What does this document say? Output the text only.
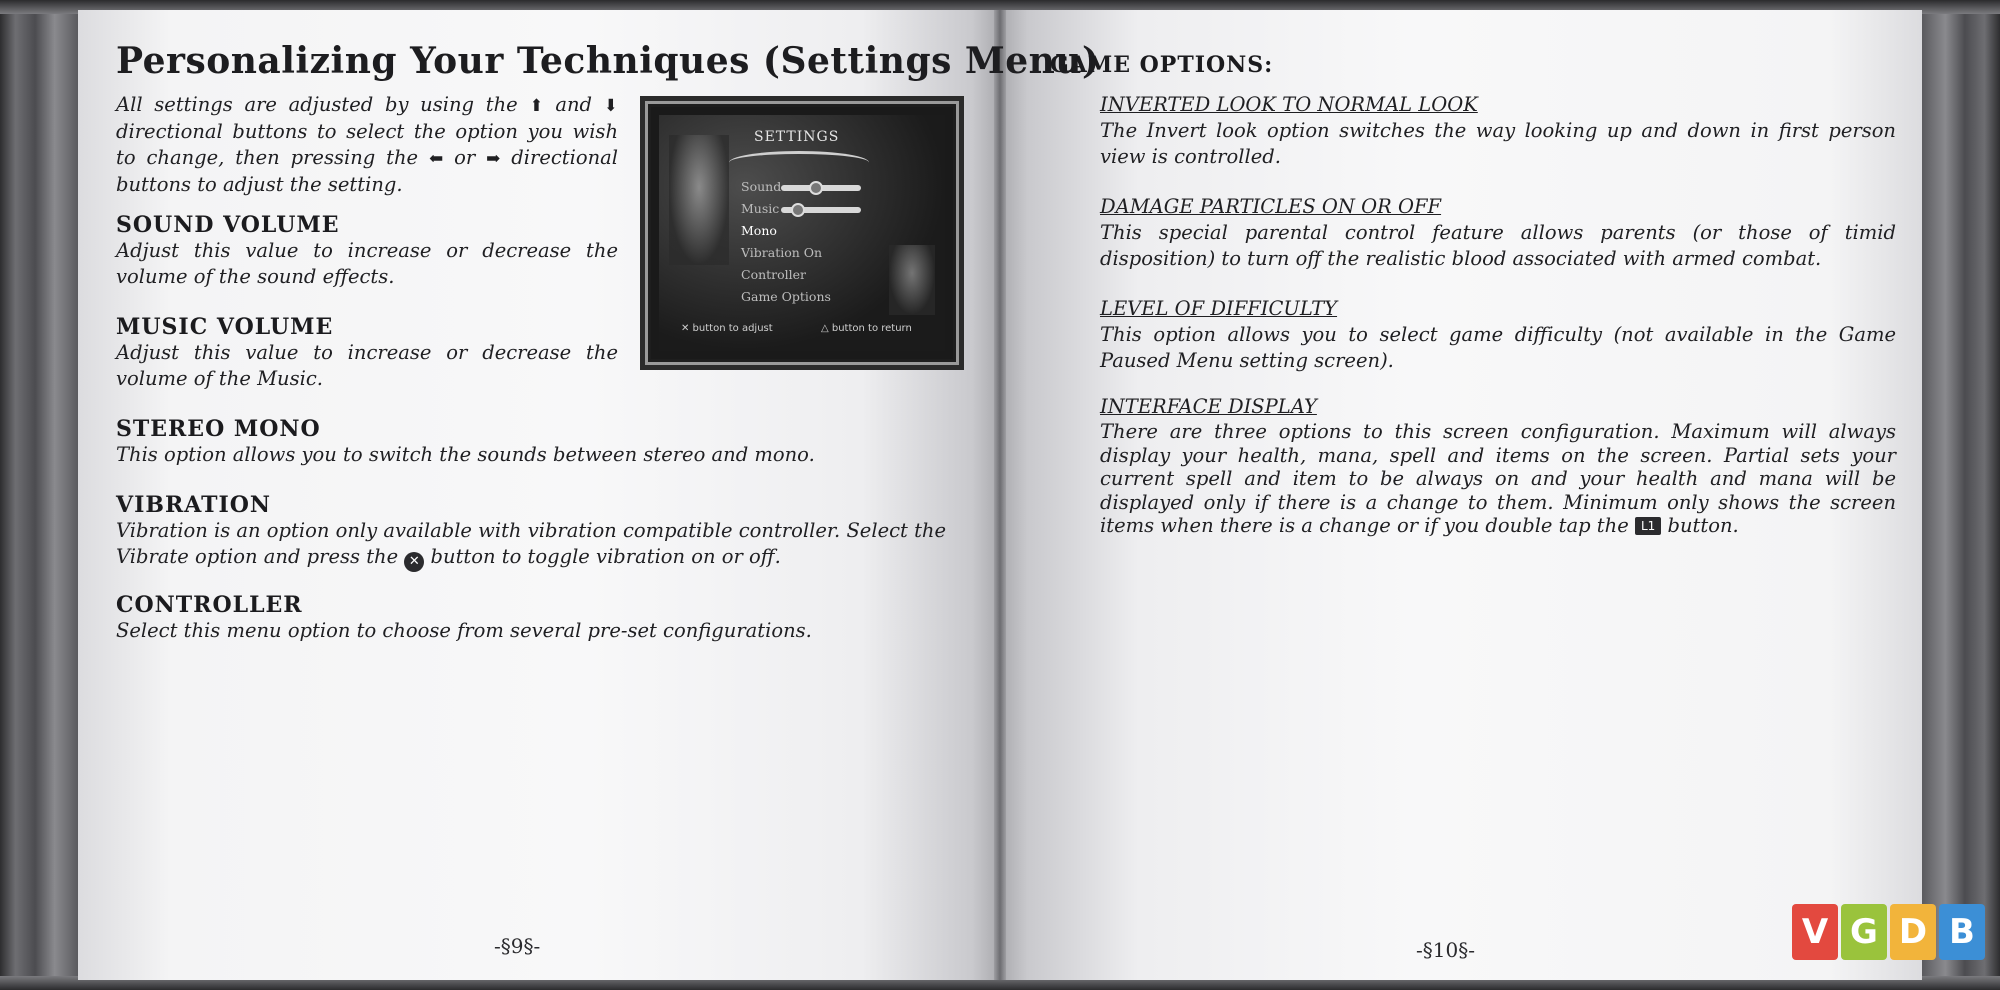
Personalizing Your Techniques (Settings Menu)
All settings are adjusted by using the ⬆ and ⬇ directional buttons to select the option you wish to change, then pressing the ⬅ or ➡ directional buttons to adjust the setting.
SOUND VOLUME
Adjust this value to increase or decrease the volume of the sound effects.
MUSIC VOLUME
Adjust this value to increase or decrease the volume of the Music.
STEREO MONO
This option allows you to switch the sounds between stereo and mono.
VIBRATION
Vibration is an option only available with vibration compatible controller. Select the Vibrate option and press the ✕ button to toggle vibration on or off.
CONTROLLER
Select this menu option to choose from several pre-set configurations.
SETTINGS
Sound
Music
Mono
Vibration On
Controller
Game Options
✕ button to adjust	△ button to return
-§9§-
GAME OPTIONS:
INVERTED LOOK TO NORMAL LOOK
The Invert look option switches the way looking up and down in first person view is controlled.
DAMAGE PARTICLES ON OR OFF
This special parental control feature allows parents (or those of timid disposition) to turn off the realistic blood associated with armed combat.
LEVEL OF DIFFICULTY
This option allows you to select game difficulty (not available in the Game Paused Menu setting screen).
INTERFACE DISPLAY
There are three options to this screen configuration. Maximum will always display your health, mana, spell and items on the screen. Partial sets your current spell and item to be always on and your health and mana will be displayed only if there is a change to them. Minimum only shows the screen items when there is a change or if you double tap the L1 button.
-§10§-	V G D B
